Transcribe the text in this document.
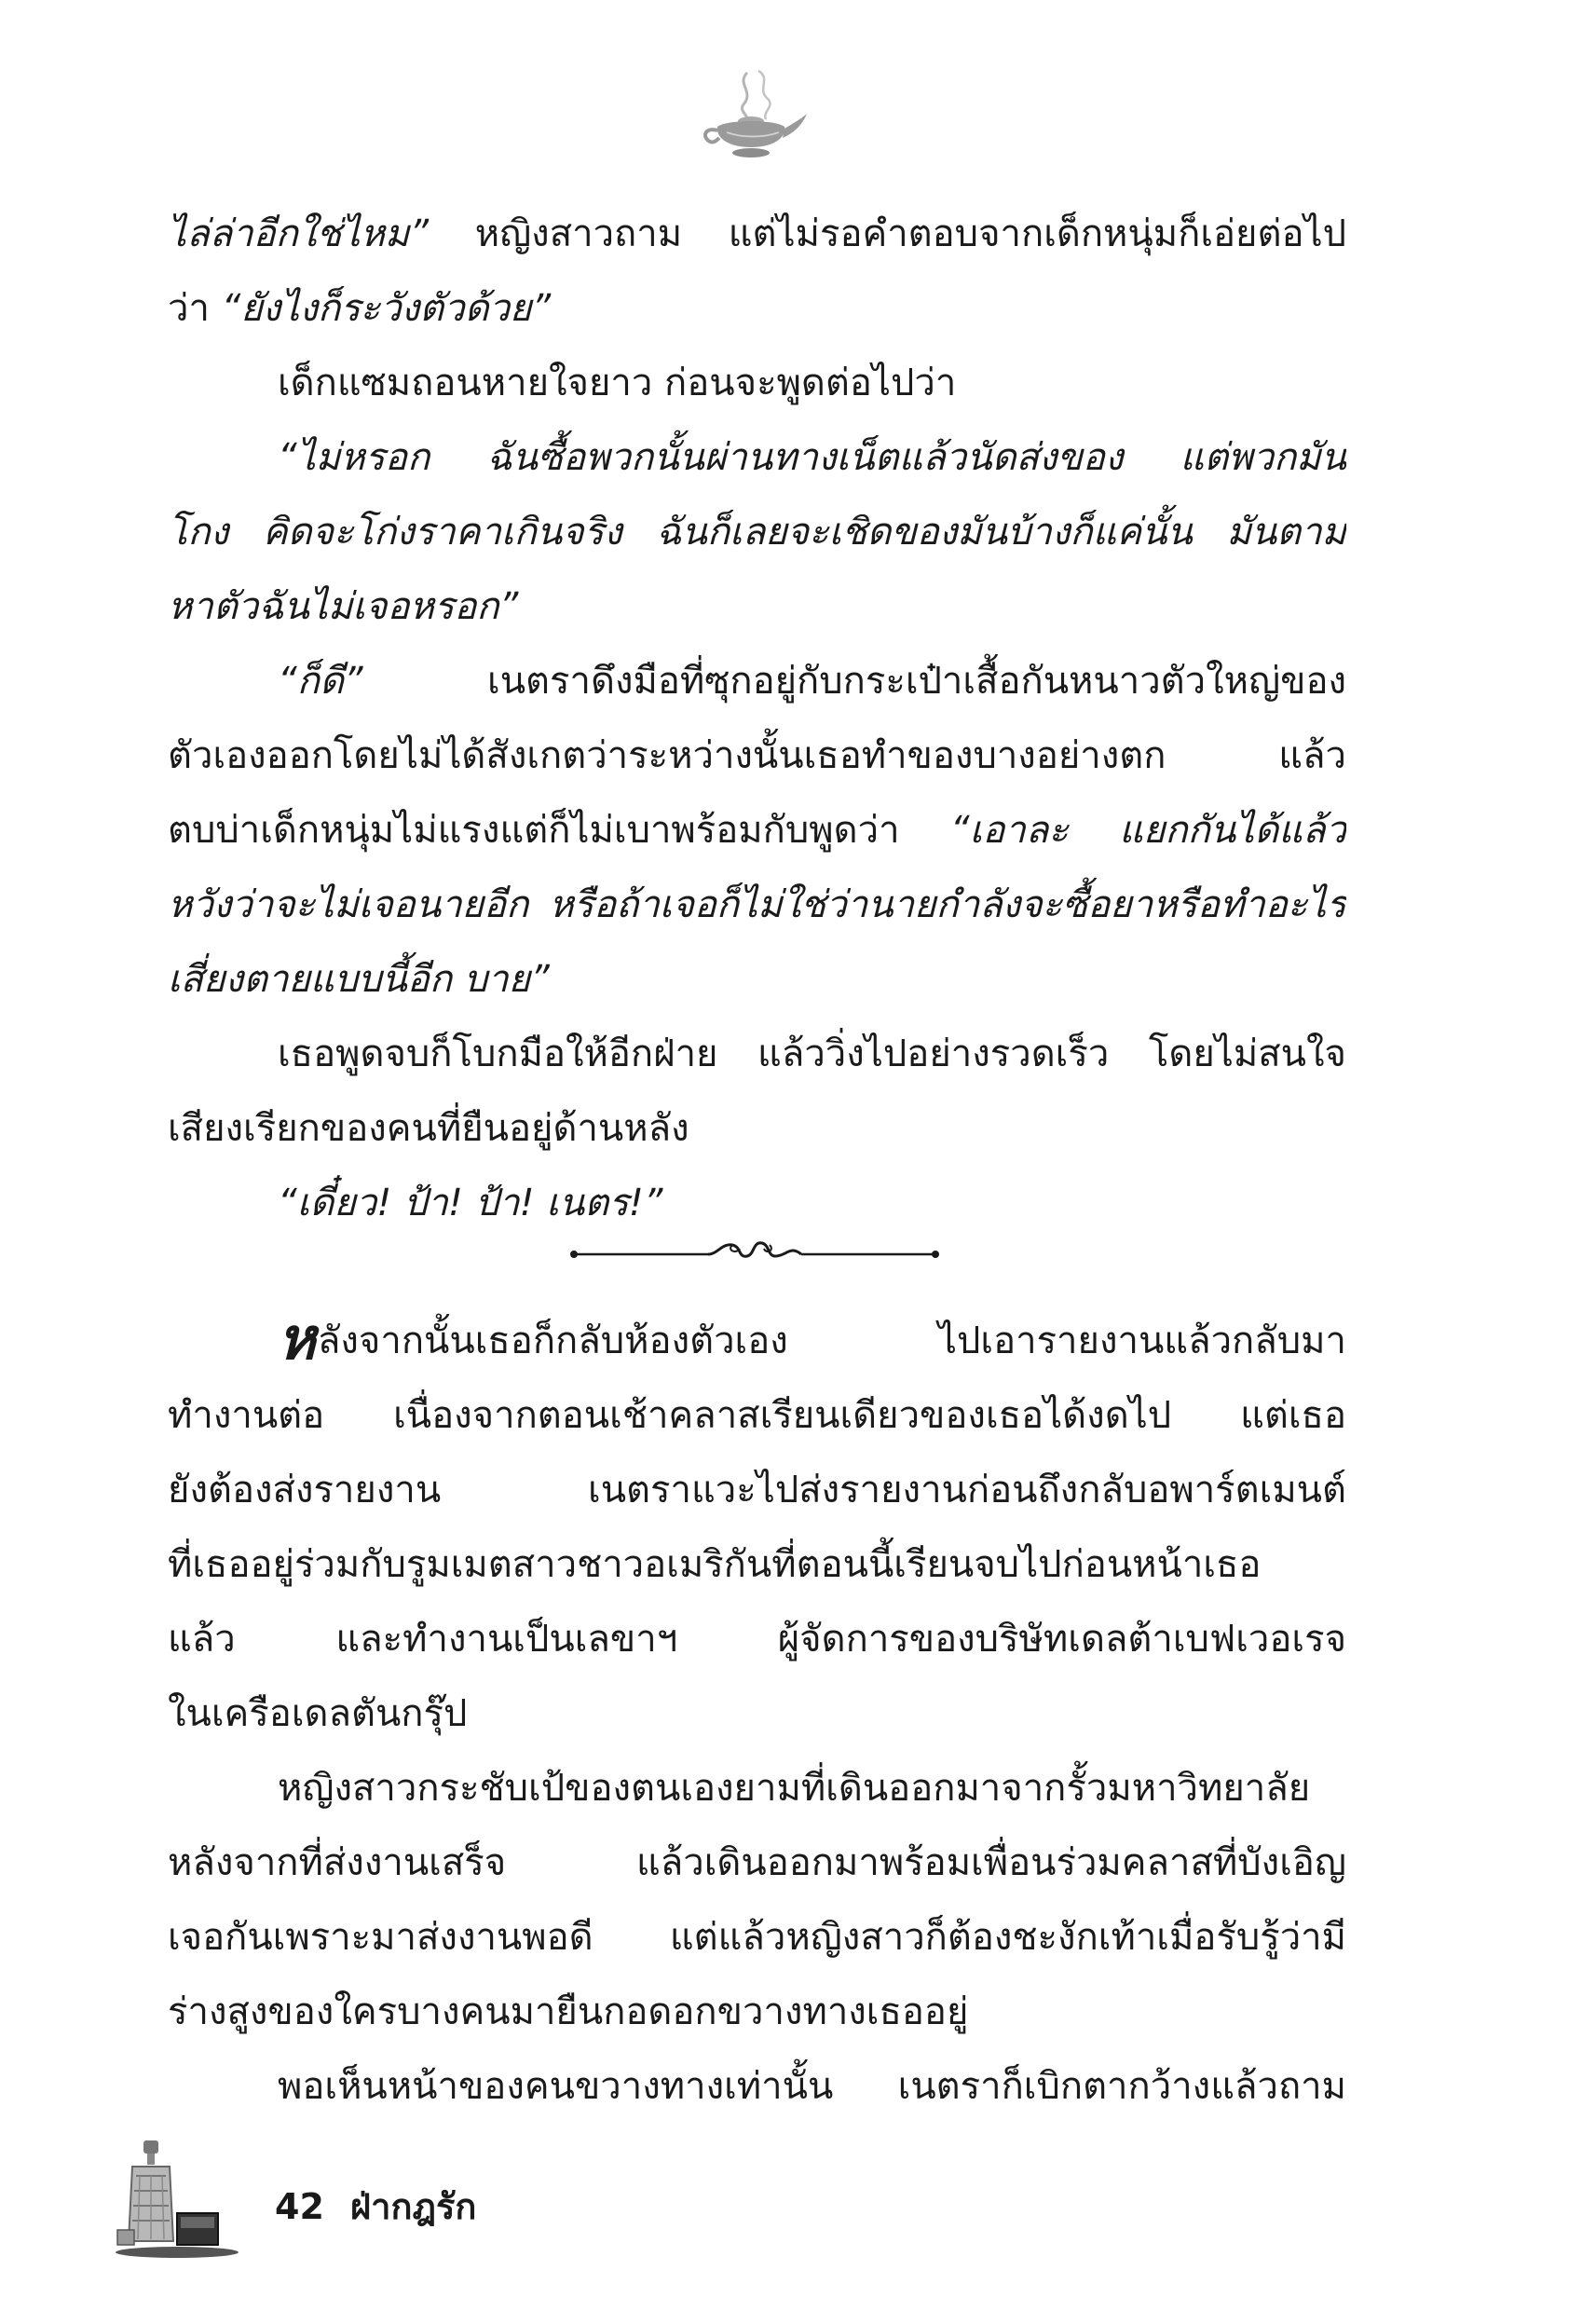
ไล่ล่าอีกใช่ไหม” หญิงสาวถาม แต่ไม่รอคำตอบจากเด็กหนุ่มก็เอ่ยต่อไป
ว่า “ยังไงก็ระวังตัวด้วย”
เด็กแซมถอนหายใจยาว ก่อนจะพูดต่อไปว่า
“ไม่หรอก ฉันซื้อพวกนั้นผ่านทางเน็ตแล้วนัดส่งของ แต่พวกมัน
โกง คิดจะโก่งราคาเกินจริง ฉันก็เลยจะเชิดของมันบ้างก็แค่นั้น มันตาม
หาตัวฉันไม่เจอหรอก”
“ก็ดี” เนตราดึงมือที่ซุกอยู่กับกระเป๋าเสื้อกันหนาวตัวใหญ่ของ
ตัวเองออกโดยไม่ได้สังเกตว่าระหว่างนั้นเธอทำของบางอย่างตก แล้ว
ตบบ่าเด็กหนุ่มไม่แรงแต่ก็ไม่เบาพร้อมกับพูดว่า “เอาละ แยกกันได้แล้ว
หวังว่าจะไม่เจอนายอีก หรือถ้าเจอก็ไม่ใช่ว่านายกำลังจะซื้อยาหรือทำอะไร
เสี่ยงตายแบบนี้อีก บาย”
เธอพูดจบก็โบกมือให้อีกฝ่าย แล้ววิ่งไปอย่างรวดเร็ว โดยไม่สนใจ
เสียงเรียกของคนที่ยืนอยู่ด้านหลัง
“เดี๋ยว! ป้า! ป้า! เนตร!”
หลังจากนั้นเธอก็กลับห้องตัวเอง ไปเอารายงานแล้วกลับมา
ทำงานต่อ เนื่องจากตอนเช้าคลาสเรียนเดียวของเธอได้งดไป แต่เธอ
ยังต้องส่งรายงาน เนตราแวะไปส่งรายงานก่อนถึงกลับอพาร์ตเมนต์
ที่เธออยู่ร่วมกับรูมเมตสาวชาวอเมริกันที่ตอนนี้เรียนจบไปก่อนหน้าเธอ
แล้ว และทำงานเป็นเลขาฯ ผู้จัดการของบริษัทเดลต้าเบฟเวอเรจ
ในเครือเดลตันกรุ๊ป
หญิงสาวกระชับเป้ของตนเองยามที่เดินออกมาจากรั้วมหาวิทยาลัย
หลังจากที่ส่งงานเสร็จ แล้วเดินออกมาพร้อมเพื่อนร่วมคลาสที่บังเอิญ
เจอกันเพราะมาส่งงานพอดี แต่แล้วหญิงสาวก็ต้องชะงักเท้าเมื่อรับรู้ว่ามี
ร่างสูงของใครบางคนมายืนกอดอกขวางทางเธออยู่
พอเห็นหน้าของคนขวางทางเท่านั้น เนตราก็เบิกตากว้างแล้วถาม
42 ฝ่ากฎรัก
